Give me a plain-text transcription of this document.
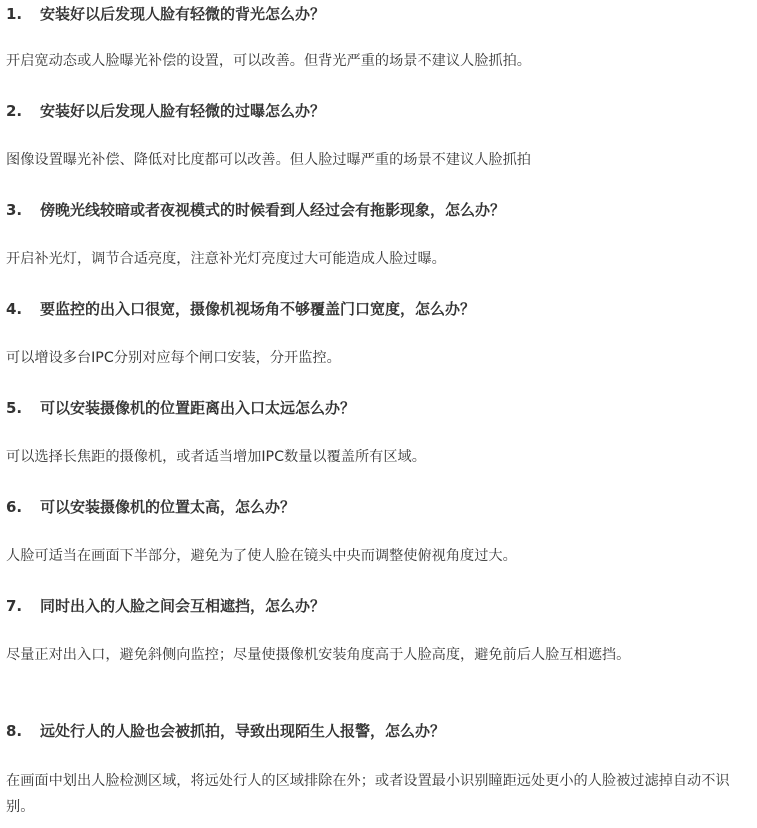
1. 安装好以后发现人脸有轻微的背光怎么办？

开启宽动态或人脸曝光补偿的设置，可以改善。但背光严重的场景不建议人脸抓拍。

2. 安装好以后发现人脸有轻微的过曝怎么办？

图像设置曝光补偿、降低对比度都可以改善。但人脸过曝严重的场景不建议人脸抓拍

3. 傍晚光线较暗或者夜视模式的时候看到人经过会有拖影现象，怎么办？

开启补光灯，调节合适亮度，注意补光灯亮度过大可能造成人脸过曝。

4. 要监控的出入口很宽，摄像机视场角不够覆盖门口宽度，怎么办？

可以增设多台IPC分别对应每个闸口安装，分开监控。

5. 可以安装摄像机的位置距离出入口太远怎么办？

可以选择长焦距的摄像机，或者适当增加IPC数量以覆盖所有区域。

6. 可以安装摄像机的位置太高，怎么办？

人脸可适当在画面下半部分，避免为了使人脸在镜头中央而调整使俯视角度过大。

7. 同时出入的人脸之间会互相遮挡，怎么办？

尽量正对出入口，避免斜侧向监控；尽量使摄像机安装角度高于人脸高度，避免前后人脸互相遮挡。

8. 远处行人的人脸也会被抓拍，导致出现陌生人报警，怎么办？

在画面中划出人脸检测区域，将远处行人的区域排除在外；或者设置最小识别瞳距远处更小的人脸被过滤掉自动不识别。
